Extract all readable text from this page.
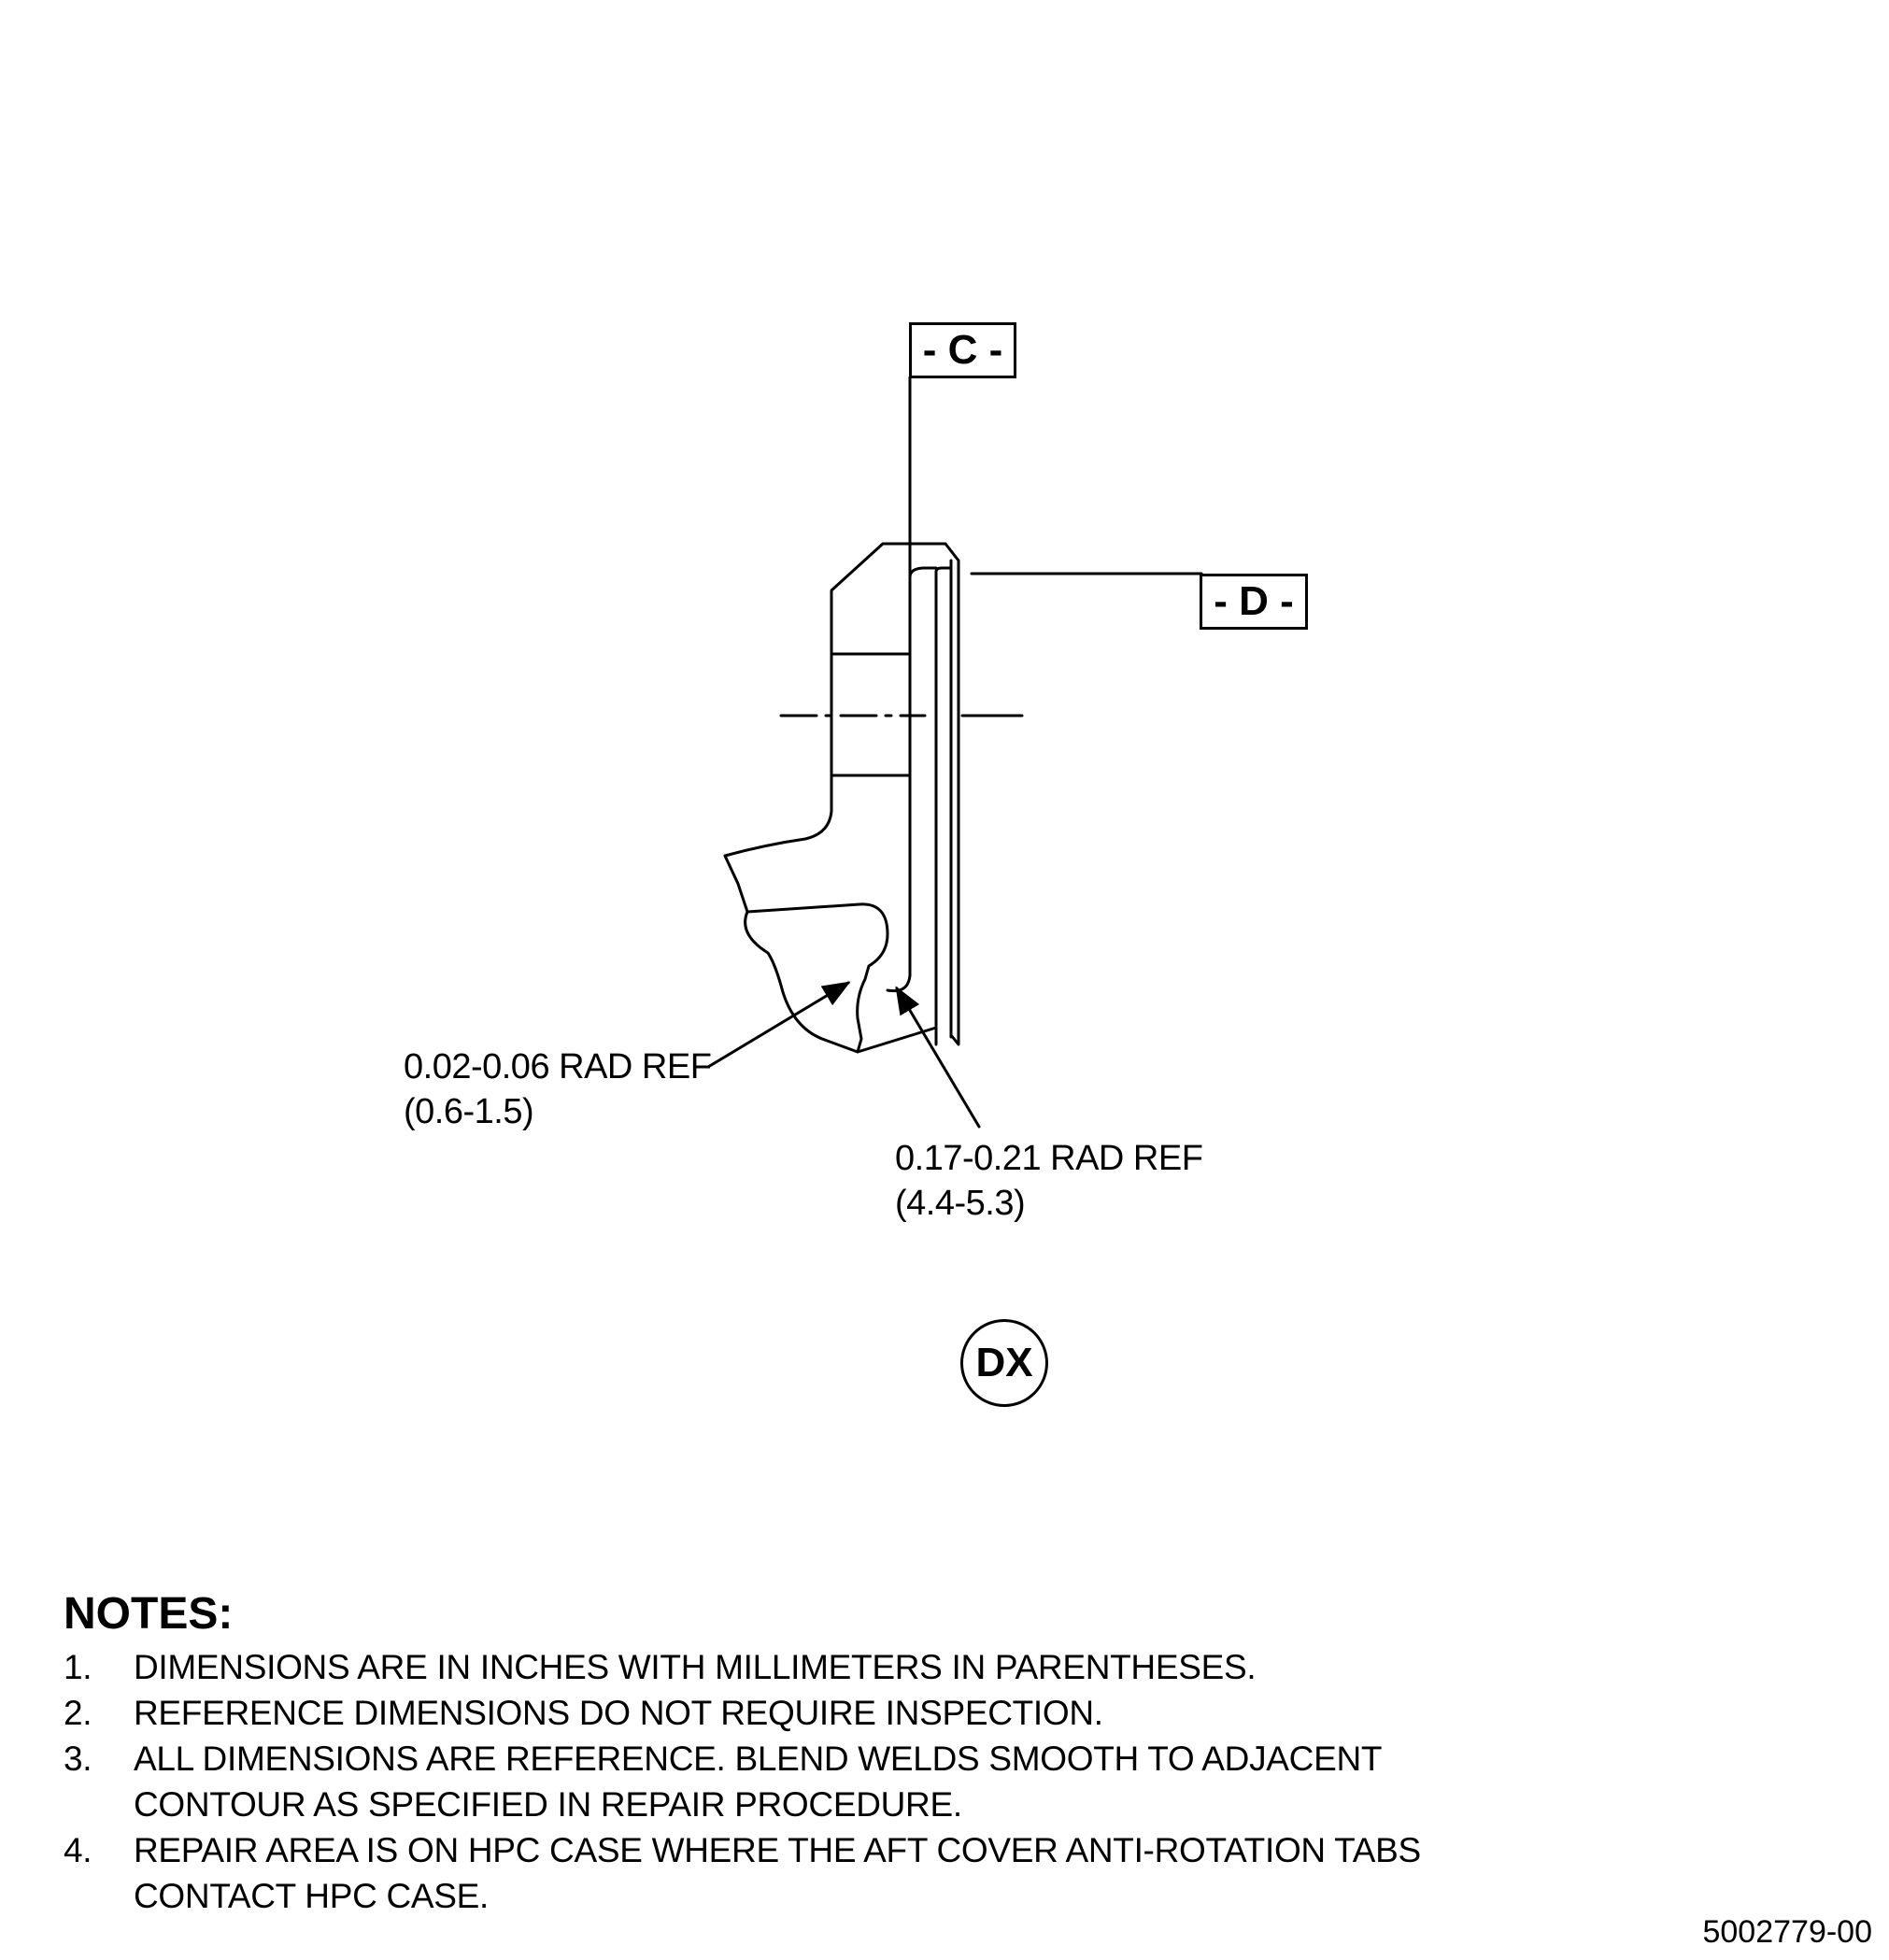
- C -
- D -
0.02-0.06 RAD REF
(0.6-1.5)
0.17-0.21 RAD REF
(4.4-5.3)
DX
NOTES:
1.	DIMENSIONS ARE IN INCHES WITH MILLIMETERS IN PARENTHESES.
2.	REFERENCE DIMENSIONS DO NOT REQUIRE INSPECTION.
3.	ALL DIMENSIONS ARE REFERENCE. BLEND WELDS SMOOTH TO ADJACENT
CONTOUR AS SPECIFIED IN REPAIR PROCEDURE.
4.	REPAIR AREA IS ON HPC CASE WHERE THE AFT COVER ANTI-ROTATION TABS
CONTACT HPC CASE.
5002779-00
